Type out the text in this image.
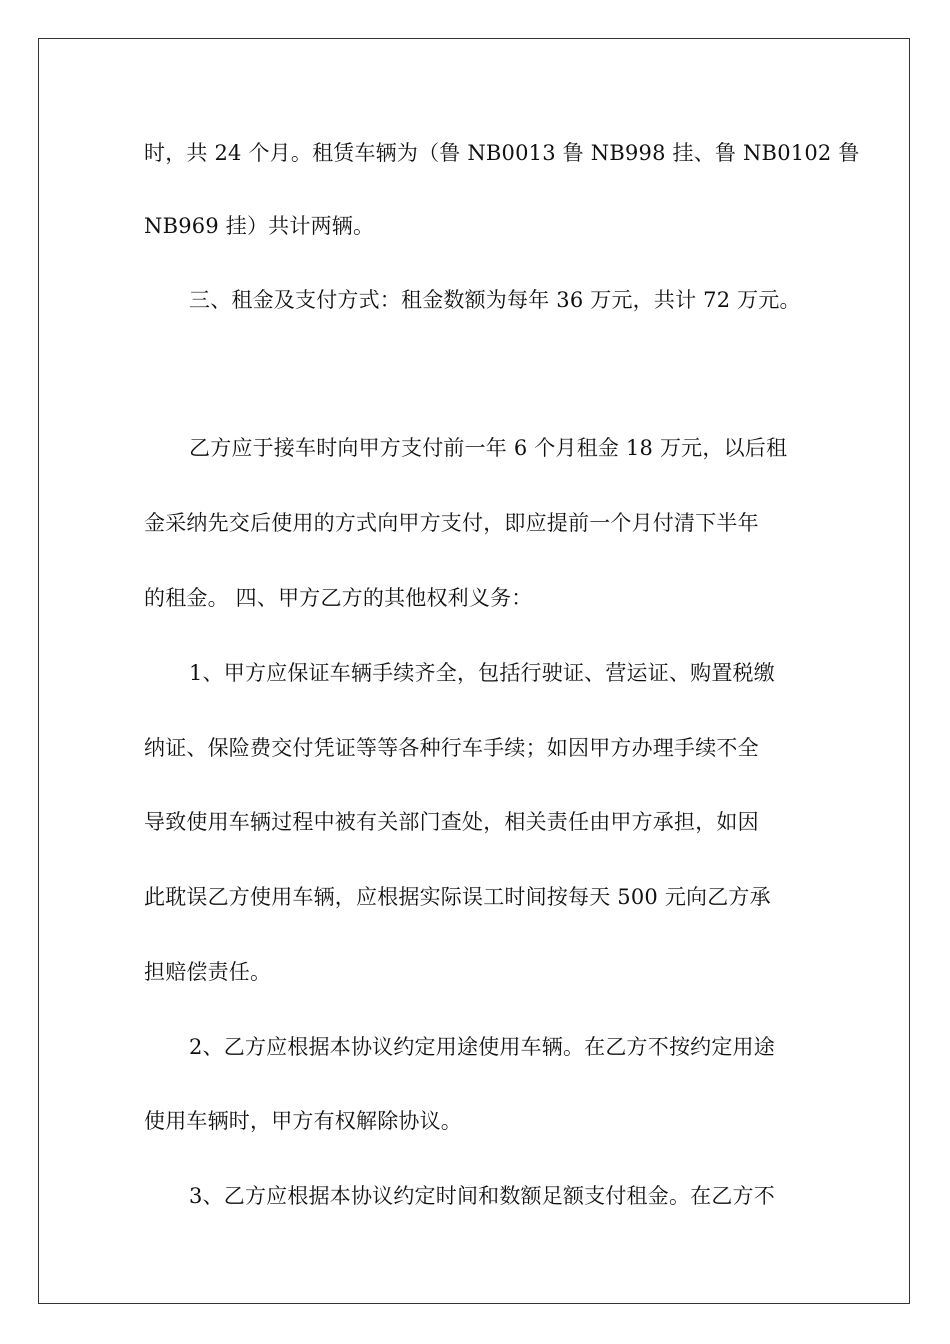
时，共 24 个月。租赁车辆为（鲁 NB0013 鲁 NB998 挂、鲁 NB0102 鲁
NB969 挂）共计两辆。
三、租金及支付方式：租金数额为每年 36 万元，共计 72 万元。
乙方应于接车时向甲方支付前一年 6 个月租金 18 万元，以后租
金采纳先交后使用的方式向甲方支付，即应提前一个月付清下半年
的租金。 四、甲方乙方的其他权利义务：
1、甲方应保证车辆手续齐全，包括行驶证、营运证、购置税缴
纳证、保险费交付凭证等等各种行车手续；如因甲方办理手续不全
导致使用车辆过程中被有关部门查处，相关责任由甲方承担，如因
此耽误乙方使用车辆，应根据实际误工时间按每天 500 元向乙方承
担赔偿责任。
2、乙方应根据本协议约定用途使用车辆。在乙方不按约定用途
使用车辆时，甲方有权解除协议。
3、乙方应根据本协议约定时间和数额足额支付租金。在乙方不
